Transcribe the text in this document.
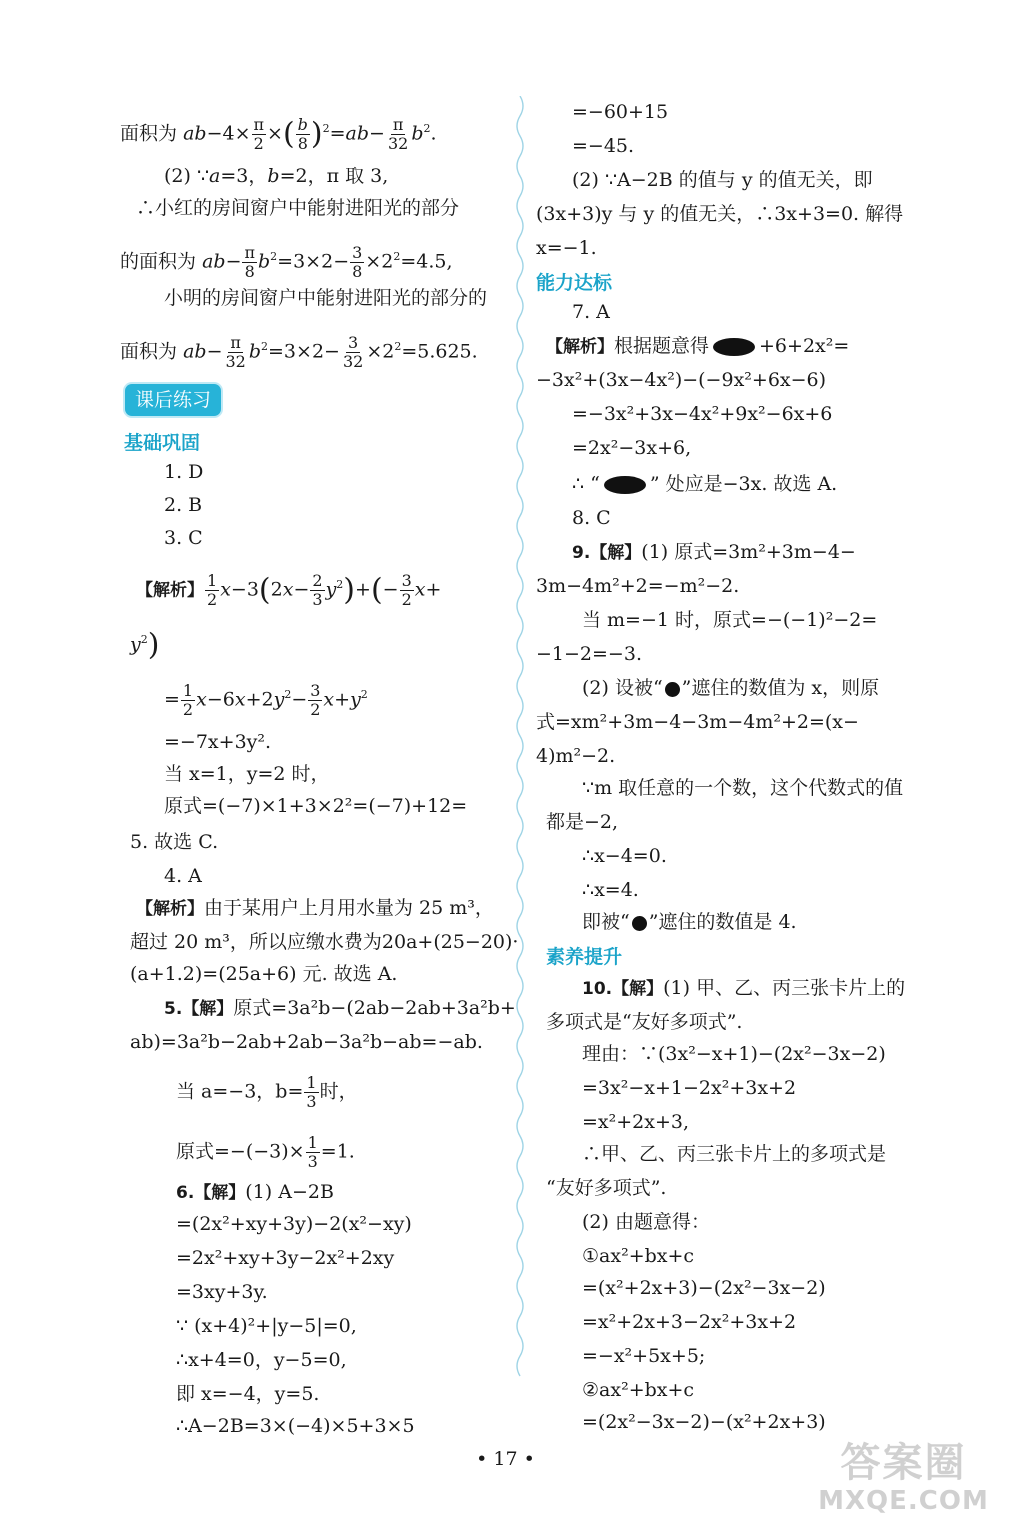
面积为 $ab-4\times \frac{\pi}{2}$ ×( $\frac{b}{8} )^2=ab- \frac{\pi}{32} b^2$.
(2) ∵a=3，b=2，π 取 3,
∴小红的房间窗户中能射进阳光的部分
的面积为 $ab- \frac{\pi}{8} b^2=3\times 2- \frac{3}{8} \times 2^2=4.5$,
小明的房间窗户中能射进阳光的部分的
面积为 $ab- \frac{\pi}{32} b^2=3\times 2- \frac{3}{32} \times 2^2=5.625$.
课后练习
基础巩固
1. D
2. B
3. C
【解析】 $\frac{1}{2} x-3(2x- \frac{2}{3} y^2)+(- \frac{3}{2} x+$
$y^2$)
= $\frac{1}{2} x-6x+2y^2- \frac{3}{2} x+y^2$
=−7x+3y².
当 x=1，y=2 时，
原式=(−7)×1+3×2²=(−7)+12=
5. 故选 C.
4. A
【解析】由于某用户上月用水量为 25 m³，
超过 20 m³，所以应缴水费为20a+(25−20)·
(a+1.2)=(25a+6) 元. 故选 A.
5.【解】原式=3a²b−(2ab−2ab+3a²b+
ab)=3a²b−2ab+2ab−3a²b−ab=−ab.
当 a=−3，$b= \frac{1}{3}$ 时，
原式$=-(-3)\times \frac{1}{3} =1$.
6.【解】(1) A−2B
=(2x²+xy+3y)−2(x²−xy)
=2x²+xy+3y−2x²+2xy
=3xy+3y.
∵ (x+4)²+|y−5|=0,
∴x+4=0，y−5=0,
即 x=−4，y=5.
∴A−2B=3×(−4)×5+3×5
=−60+15
=−45.
(2) ∵A−2B 的值与 y 的值无关，即
(3x+3)y 与 y 的值无关，∴3x+3=0. 解得
x=−1.
能力达标
7. A
【解析】根据题意得	+6+2x²=
−3x²+(3x−4x²)−(−9x²+6x−6)
=−3x²+3x−4x²+9x²−6x+6
=2x²−3x+6,
∴ “	” 处应是−3x. 故选 A.
8. C
9.【解】(1) 原式=3m²+3m−4−
3m−4m²+2=−m²−2.
当 m=−1 时，原式=−(−1)²−2=
−1−2=−3.
(2) 设被“ ”遮住的数值为 x，则原
式=xm²+3m−4−3m−4m²+2=(x−
4)m²−2.
∵m 取任意的一个数，这个代数式的值
都是−2,
∴x−4=0.
∴x=4.
即被“ ”遮住的数值是 4.
素养提升
10.【解】(1) 甲、乙、丙三张卡片上的
多项式是“友好多项式”.
理由：∵(3x²−x+1)−(2x²−3x−2)
=3x²−x+1−2x²+3x+2
=x²+2x+3,
∴甲、乙、丙三张卡片上的多项式是
“友好多项式”.
(2) 由题意得：
①ax²+bx+c
=(x²+2x+3)−(2x²−3x−2)
=x²+2x+3−2x²+3x+2
=−x²+5x+5;
②ax²+bx+c
=(2x²−3x−2)−(x²+2x+3)
• 17 •	答案圈
MXQE.COM
